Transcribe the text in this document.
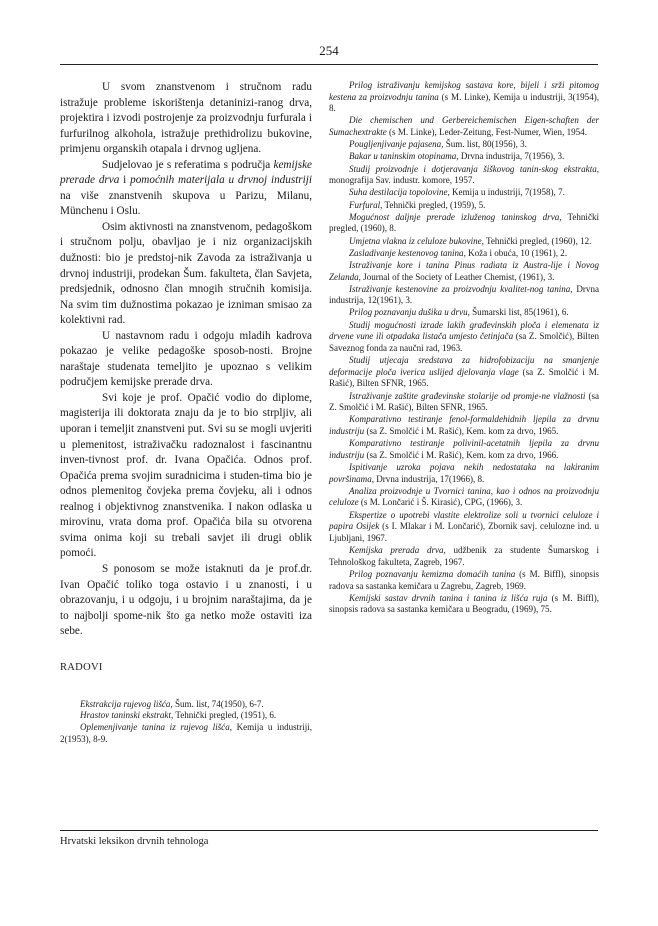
254

U svom znanstvenom i stručnom radu istražuje probleme iskorištenja detaninizi-ranog drva, projektira i izvodi postrojenje za proizvodnju furfurala i furfurilnog alkohola, istražuje prethidrolizu bukovine, primjenu organskih otapala i drvnog ugljena.

Sudjelovao je s referatima s područja kemijske prerade drva i pomoćnih materijala u drvnoj industriji na više znanstvenih skupova u Parizu, Milanu, Münchenu i Oslu.

Osim aktivnosti na znanstvenom, pedagoškom i stručnom polju, obavljao je i niz organizacijskih dužnosti: bio je predstoj-nik Zavoda za istraživanja u drvnoj industriji, prodekan Šum. fakulteta, član Savjeta, predsjednik, odnosno član mnogih stručnih komisija. Na svim tim dužnostima pokazao je izniman smisao za kolektivni rad.

U nastavnom radu i odgoju mladih kadrova pokazao je velike pedagoške sposob-nosti. Brojne naraštaje studenata temeljito je upoznao s velikim područjem kemijske prerade drva.

Svi koje je prof. Opačić vodio do diplome, magisterija ili doktorata znaju da je to bio strpljiv, ali uporan i temeljit znanstveni put. Svi su se mogli uvjeriti u plemenitost, istraživačku radoznalost i fascinantnu inven-tivnost prof. dr. Ivana Opačića. Odnos prof. Opačića prema svojim suradnicima i studen-tima bio je odnos plemenitog čovjeka prema čovjeku, ali i odnos realnog i objektivnog znanstvenika. I nakon odlaska u mirovinu, vrata doma prof. Opačića bila su otvorena svima onima koji su trebali savjet ili drugi oblik pomoći.

S ponosom se može istaknuti da je prof.dr. Ivan Opačić toliko toga ostavio i u znanosti, i u obrazovanju, i u odgoju, i u brojnim naraštajima, da je to najbolji spome-nik što ga netko može ostaviti iza sebe.

RADOVI

Ekstrakcija rujevog lišća, Šum. list, 74(1950), 6-7.

Hrastov taninski ekstrakt, Tehnički pregled, (1951), 6.

Oplemenjivanje tanina iz rujevog lišća, Kemija u industriji, 2(1953), 8-9.

Prilog istraživanju kemijskog sastava kore, bijeli i srži pitomog kestena za proizvodnju tanina (s M. Linke), Kemija u industriji, 3(1954), 8.

Die chemischen und Gerbereichemischen Eigen-schaften der Sumachextrakte (s M. Linke), Leder-Zeitung, Fest-Numer, Wien, 1954.

Pougljenjivanje pajasena, Šum. list, 80(1956), 3.

Bakar u taninskim otopinama, Drvna industrija, 7(1956), 3.

Studij proizvodnje i dotjeravanja šiškovog tanin-skog ekstrakta, monografija Sav. industr. komore, 1957.

Suha destilacija topolovine, Kemija u industriji, 7(1958), 7.

Furfural, Tehnički pregled, (1959), 5.

Mogućnost daljnje prerade izluženog taninskog drva, Tehnički pregled, (1960), 8.

Umjetna vlakna iz celuloze bukovine, Tehnički pregled, (1960), 12.

Zasladivanje kestenovog tanina, Koža i obuća, 10 (1961), 2.

Istraživanje kore i tanina Pinus radiata iz Austra-lije i Novog Zelanda, Journal of the Society of Leather Chemist, (1961), 3.

Istraživanje kestenovine za proizvodnju kvalitet-nog tanina, Drvna industrija, 12(1961), 3.

Prilog poznavanju dušika u drvu, Šumarski list, 85(1961), 6.

Studij mogućnosti izrade lakih građevinskih ploča i elemenata iz drvene vune ili otpadaka listača umjesto četinjača (sa Z. Smolčić), Bilten Saveznog fonda za naučni rad, 1963.

Studij utjecaja sredstava za hidrofobizaciju na smanjenje deformacije ploča iverica uslijed djelovanja vlage (sa Z. Smolčić i M. Rašić), Bilten SFNR, 1965.

Istraživanje zaštite građevinske stolarije od promje-ne vlažnosti (sa Z. Smolčić i M. Rašić), Bilten SFNR, 1965.

Komparativno testiranje fenol-formaldehidnih ljepila za drvnu industriju (sa Z. Smolčić i M. Rašić), Kem. kom za drvo, 1965.

Komparativno testiranje polivinil-acetatnih ljepila za drvnu industriju (sa Z. Smolčić i M. Rašić), Kem. kom za drvo, 1966.

Ispitivanje uzroka pojava nekih nedostataka na lakiranim površinama, Drvna industrija, 17(1966), 8.

Analiza proizvodnje u Tvornici tanina, kao i odnos na proizvodnju celuloze (s M. Lončarić i Š. Kirasić), CPG, (1966), 3.

Ekspertize o upotrebi vlastite elektrolize soli u tvornici celuloze i papira Osijek (s I. Mlakar i M. Lončarić), Zbornik savj. celulozne ind. u Ljubljani, 1967.

Kemijska prerada drva, udžbenik za studente Šumarskog i Tehnološkog fakulteta, Zagreb, 1967.

Prilog poznavanju kemizma domaćih tanina (s M. Biffl), sinopsis radova sa sastanka kemičara u Zagrebu, Zagreb, 1969.

Kemijski sastav drvnih tanina i tanina iz lišća ruja (s M. Biffl), sinopsis radova sa sastanka kemičara u Beogradu, (1969), 75.

Hrvatski leksikon drvnih tehnologa
